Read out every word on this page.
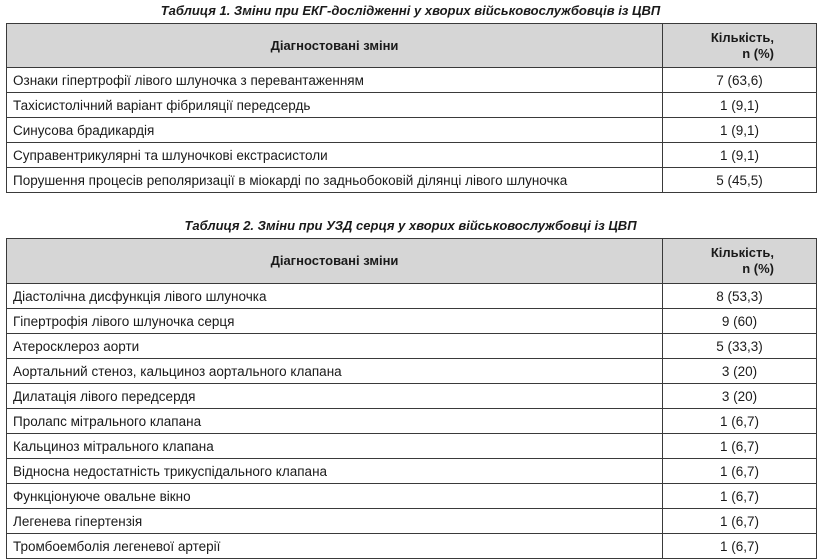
Таблиця 1. Зміни при ЕКГ-дослідженні у хворих військовослужбовців із ЦВП
Діагностовані зміни	Кількість,
n (%)

Ознаки гіпертрофії лівого шлуночка з перевантаженням	7 (63,6)
Тахісистолічний варіант фібриляції передсердь	1 (9,1)
Синусова брадикардія	1 (9,1)
Суправентрикулярні та шлуночкові екстрасистоли	1 (9,1)
Порушення процесів реполяризації в міокарді по задньобоковій ділянці лівого шлуночка	5 (45,5)
Таблиця 2. Зміни при УЗД серця у хворих військовослужбовці із ЦВП
Діагностовані зміни	Кількість,
n (%)

Діастолічна дисфункція лівого шлуночка	8 (53,3)
Гіпертрофія лівого шлуночка серця	9 (60)
Атеросклероз аорти	5 (33,3)
Аортальний стеноз, кальциноз аортального клапана	3 (20)
Дилатація лівого передсердя	3 (20)
Пролапс мітрального клапана	1 (6,7)
Кальциноз мітрального клапана	1 (6,7)
Відносна недостатність трикуспідального клапана	1 (6,7)
Функціонуюче овальне вікно	1 (6,7)
Легенева гіпертензія	1 (6,7)
Тромбоемболія легеневої артерії	1 (6,7)
